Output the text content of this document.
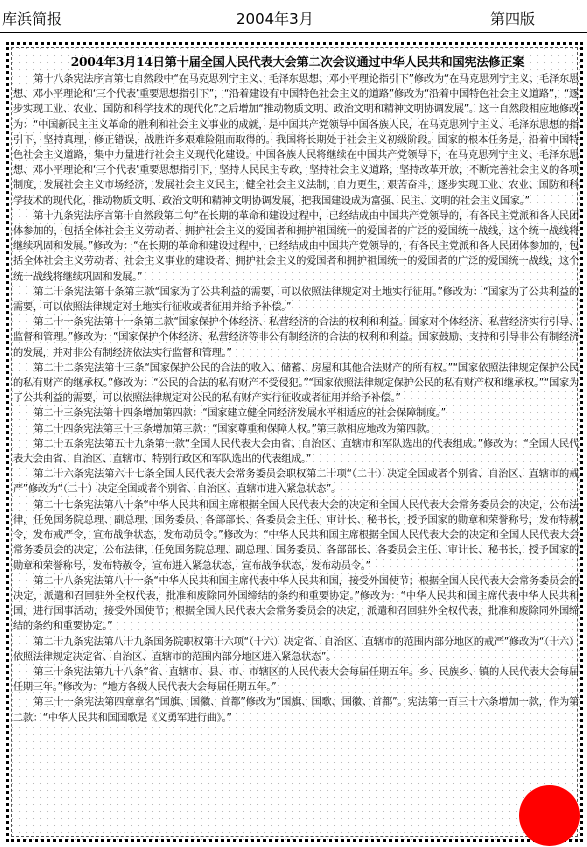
库浜简报	2004年3月	第四版
2004年3月14日第十届全国人民代表大会第二次会议通过中华人民共和国宪法修正案

第十八条宪法序言第七自然段中“在马克思列宁主义、毛泽东思想、邓小平理论指引下”修改为“在马克思列宁主义、毛泽东思想、邓小平理论和‘三个代表’重要思想指引下”，“沿着建设有中国特色社会主义的道路”修改为“沿着中国特色社会主义道路”，“逐步实现工业、农业、国防和科学技术的现代化”之后增加“推动物质文明、政治文明和精神文明协调发展”。这一自然段相应地修改为：“中国新民主主义革命的胜利和社会主义事业的成就，是中国共产党领导中国各族人民，在马克思列宁主义、毛泽东思想的指引下，坚持真理，修正错误，战胜许多艰难险阻而取得的。我国将长期处于社会主义初级阶段。国家的根本任务是，沿着中国特色社会主义道路，集中力量进行社会主义现代化建设。中国各族人民将继续在中国共产党领导下，在马克思列宁主义、毛泽东思想、邓小平理论和‘三个代表’重要思想指引下，坚持人民民主专政，坚持社会主义道路，坚持改革开放，不断完善社会主义的各项制度，发展社会主义市场经济，发展社会主义民主，健全社会主义法制，自力更生，艰苦奋斗，逐步实现工业、农业、国防和科学技术的现代化，推动物质文明、政治文明和精神文明协调发展，把我国建设成为富强、民主、文明的社会主义国家。”

第十九条宪法序言第十自然段第二句“在长期的革命和建设过程中，已经结成由中国共产党领导的，有各民主党派和各人民团体参加的，包括全体社会主义劳动者、拥护社会主义的爱国者和拥护祖国统一的爱国者的广泛的爱国统一战线，这个统一战线将继续巩固和发展。”修改为：“在长期的革命和建设过程中，已经结成由中国共产党领导的，有各民主党派和各人民团体参加的，包括全体社会主义劳动者、社会主义事业的建设者、拥护社会主义的爱国者和拥护祖国统一的爱国者的广泛的爱国统一战线，这个统一战线将继续巩固和发展。”

第二十条宪法第十条第三款“国家为了公共利益的需要，可以依照法律规定对土地实行征用。”修改为：“国家为了公共利益的需要，可以依照法律规定对土地实行征收或者征用并给予补偿。”

第二十一条宪法第十一条第二款“国家保护个体经济、私营经济的合法的权利和利益。国家对个体经济、私营经济实行引导、监督和管理。”修改为：“国家保护个体经济、私营经济等非公有制经济的合法的权利和利益。国家鼓励、支持和引导非公有制经济的发展，并对非公有制经济依法实行监督和管理。”

第二十二条宪法第十三条“国家保护公民的合法的收入、储蓄、房屋和其他合法财产的所有权。”“国家依照法律规定保护公民的私有财产的继承权。”修改为：“公民的合法的私有财产不受侵犯。”“国家依照法律规定保护公民的私有财产权和继承权。”“国家为了公共利益的需要，可以依照法律规定对公民的私有财产实行征收或者征用并给予补偿。”

第二十三条宪法第十四条增加第四款：“国家建立健全同经济发展水平相适应的社会保障制度。”

第二十四条宪法第三十三条增加第三款：“国家尊重和保障人权。”第三款相应地改为第四款。

第二十五条宪法第五十九条第一款“全国人民代表大会由省、自治区、直辖市和军队选出的代表组成。”修改为：“全国人民代表大会由省、自治区、直辖市、特别行政区和军队选出的代表组成。”

第二十六条宪法第六十七条全国人民代表大会常务委员会职权第二十项“（二十）决定全国或者个别省、自治区、直辖市的戒严”修改为“（二十）决定全国或者个别省、自治区、直辖市进入紧急状态”。

第二十七条宪法第八十条“中华人民共和国主席根据全国人民代表大会的决定和全国人民代表大会常务委员会的决定，公布法律，任免国务院总理、副总理、国务委员、各部部长、各委员会主任、审计长、秘书长，授予国家的勋章和荣誉称号，发布特赦令，发布戒严令，宣布战争状态，发布动员令。”修改为：“中华人民共和国主席根据全国人民代表大会的决定和全国人民代表大会常务委员会的决定，公布法律，任免国务院总理、副总理、国务委员、各部部长、各委员会主任、审计长、秘书长，授予国家的勋章和荣誉称号，发布特赦令，宣布进入紧急状态，宣布战争状态，发布动员令。”

第二十八条宪法第八十一条“中华人民共和国主席代表中华人民共和国，接受外国使节；根据全国人民代表大会常务委员会的决定，派遣和召回驻外全权代表，批准和废除同外国缔结的条约和重要协定。”修改为：“中华人民共和国主席代表中华人民共和国，进行国事活动，接受外国使节；根据全国人民代表大会常务委员会的决定，派遣和召回驻外全权代表，批准和废除同外国缔结的条约和重要协定。”

第二十九条宪法第八十九条国务院职权第十六项“（十六）决定省、自治区、直辖市的范围内部分地区的戒严”修改为“（十六）依照法律规定决定省、自治区、直辖市的范围内部分地区进入紧急状态”。

第三十条宪法第九十八条“省、直辖市、县、市、市辖区的人民代表大会每届任期五年。乡、民族乡、镇的人民代表大会每届任期三年。”修改为：“地方各级人民代表大会每届任期五年。”

第三十一条宪法第四章章名“国旗、国徽、首都”修改为“国旗、国歌、国徽、首都”。宪法第一百三十六条增加一款，作为第二款：“中华人民共和国国歌是《义勇军进行曲》。”
